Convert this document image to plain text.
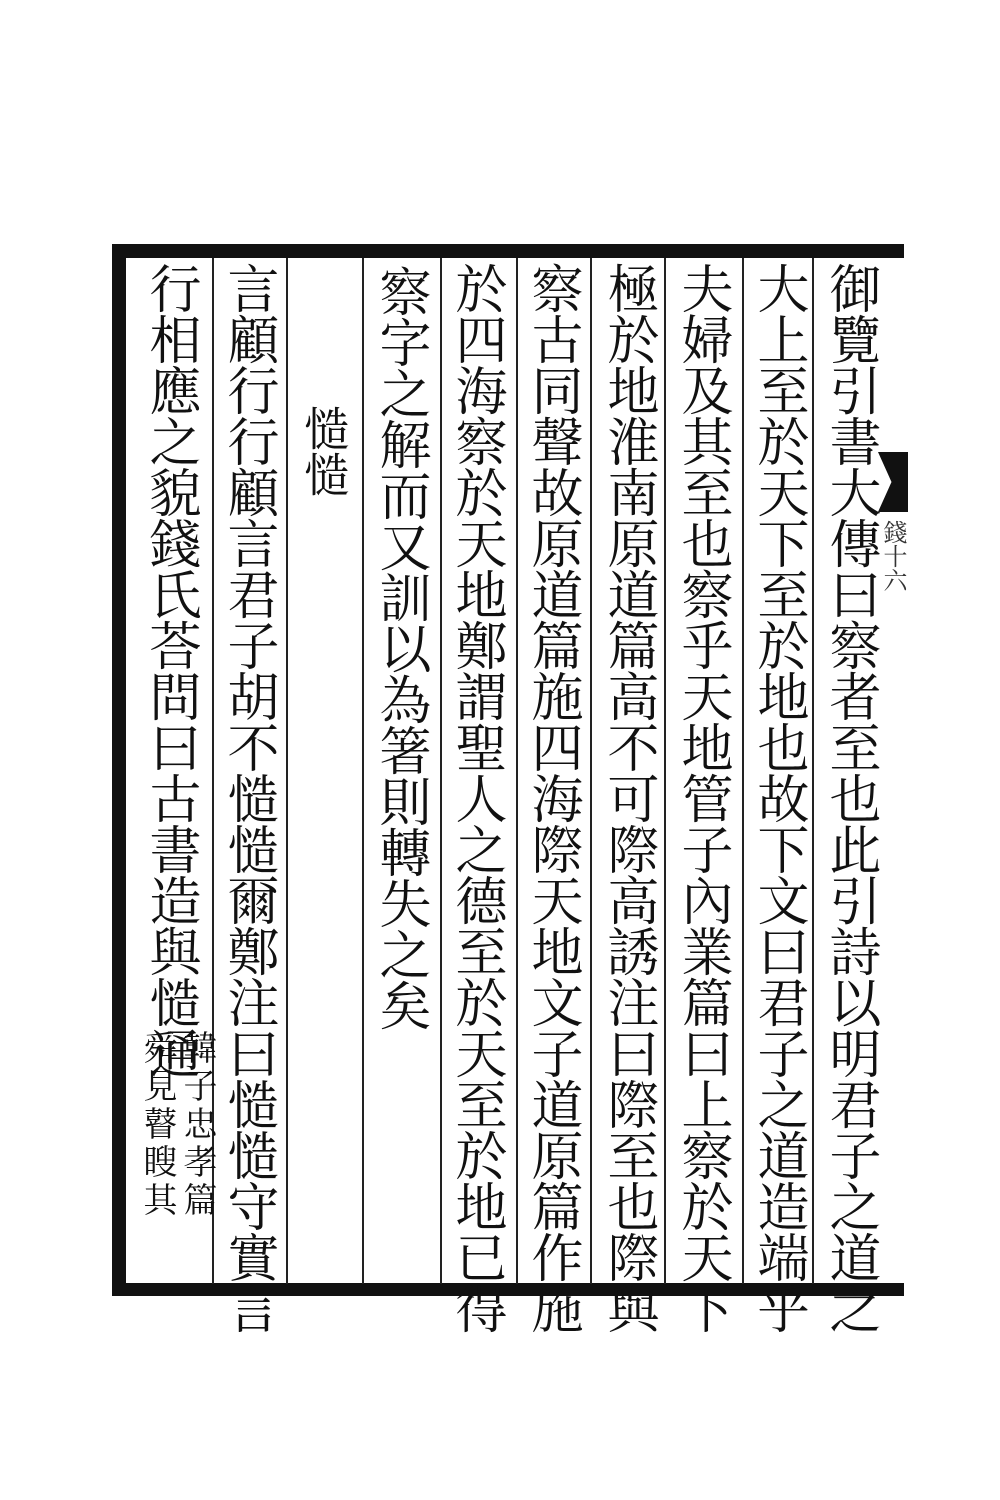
錢十六
御覽引書大傳曰察者至也此引詩以明君子之道之
大上至於天下至於地也故下文曰君子之道造端乎
夫婦及其至也察乎天地管子內業篇曰上察於天下
極於地淮南原道篇高不可際高誘注曰際至也際與
察古同聲故原道篇施四海際天地文子道原篇作施
於四海察於天地鄭謂聖人之德至於天至於地已得
察字之解而又訓以為箸則轉失之矣
慥慥
言顧行行顧言君子胡不慥慥爾鄭注曰慥慥守實言
行相應之貌錢氏荅問曰古書造與慥通
韓子忠孝篇
舜見瞽瞍其
